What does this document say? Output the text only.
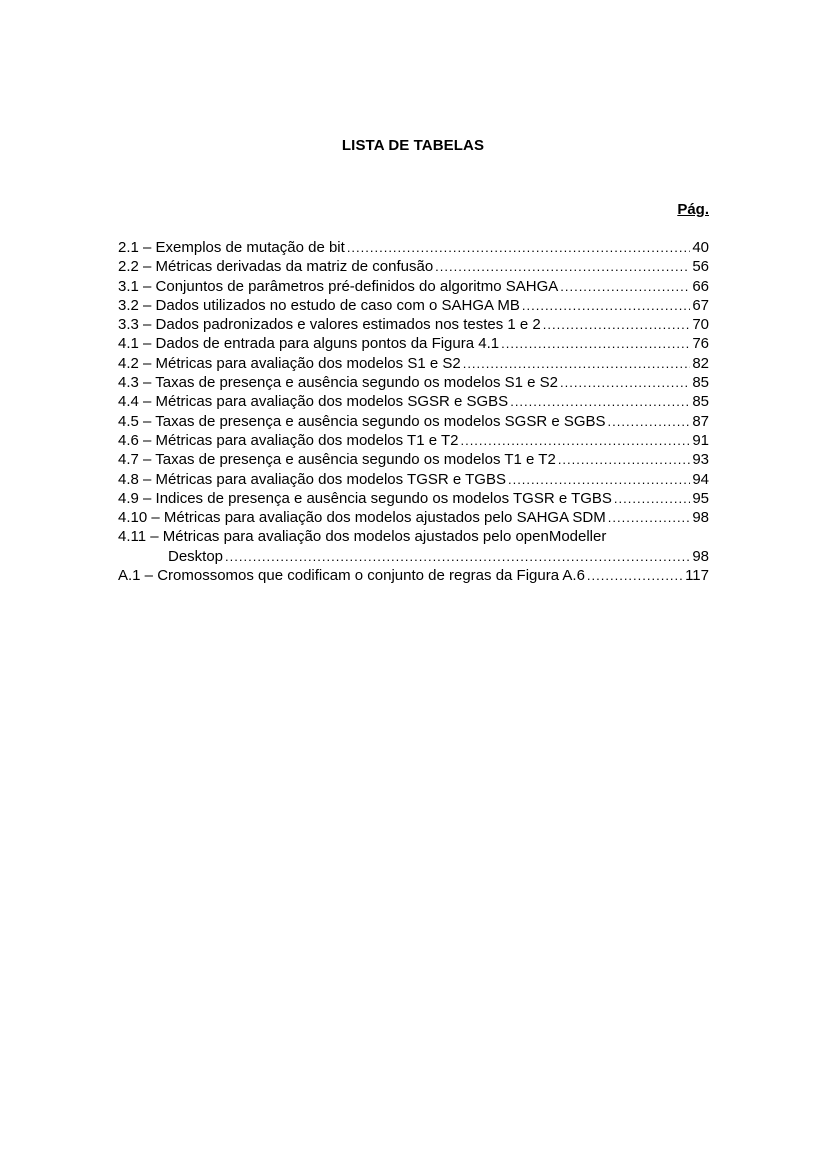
LISTA DE TABELAS
Pág.
2.1 – Exemplos de mutação de bit .....	40
2.2 – Métricas derivadas da matriz de confusão .....	56
3.1 – Conjuntos de parâmetros pré-definidos do algoritmo SAHGA .....	66
3.2 – Dados utilizados no estudo de caso com o SAHGA MB .....	67
3.3 – Dados padronizados e valores estimados nos testes 1 e 2 .....	70
4.1 – Dados de entrada para alguns pontos da Figura 4.1 .....	76
4.2 – Métricas para avaliação dos modelos S1 e S2 .....	82
4.3 – Taxas de presença e ausência segundo os modelos S1 e S2 .....	85
4.4 – Métricas para avaliação dos modelos SGSR e SGBS .....	85
4.5 – Taxas de presença e ausência segundo os modelos SGSR e SGBS .....	87
4.6 – Métricas para avaliação dos modelos T1 e T2 .....	91
4.7 – Taxas de presença e ausência segundo os modelos T1 e T2 .....	93
4.8 – Métricas para avaliação dos modelos TGSR e TGBS .....	94
4.9 – Indices de presença e ausência segundo os modelos TGSR e TGBS .....	95
4.10 – Métricas para avaliação dos modelos ajustados pelo SAHGA SDM .....	98
4.11 – Métricas para avaliação dos modelos ajustados pelo openModeller
Desktop .....	98
A.1 – Cromossomos que codificam o conjunto de regras da Figura A.6 .....	117
